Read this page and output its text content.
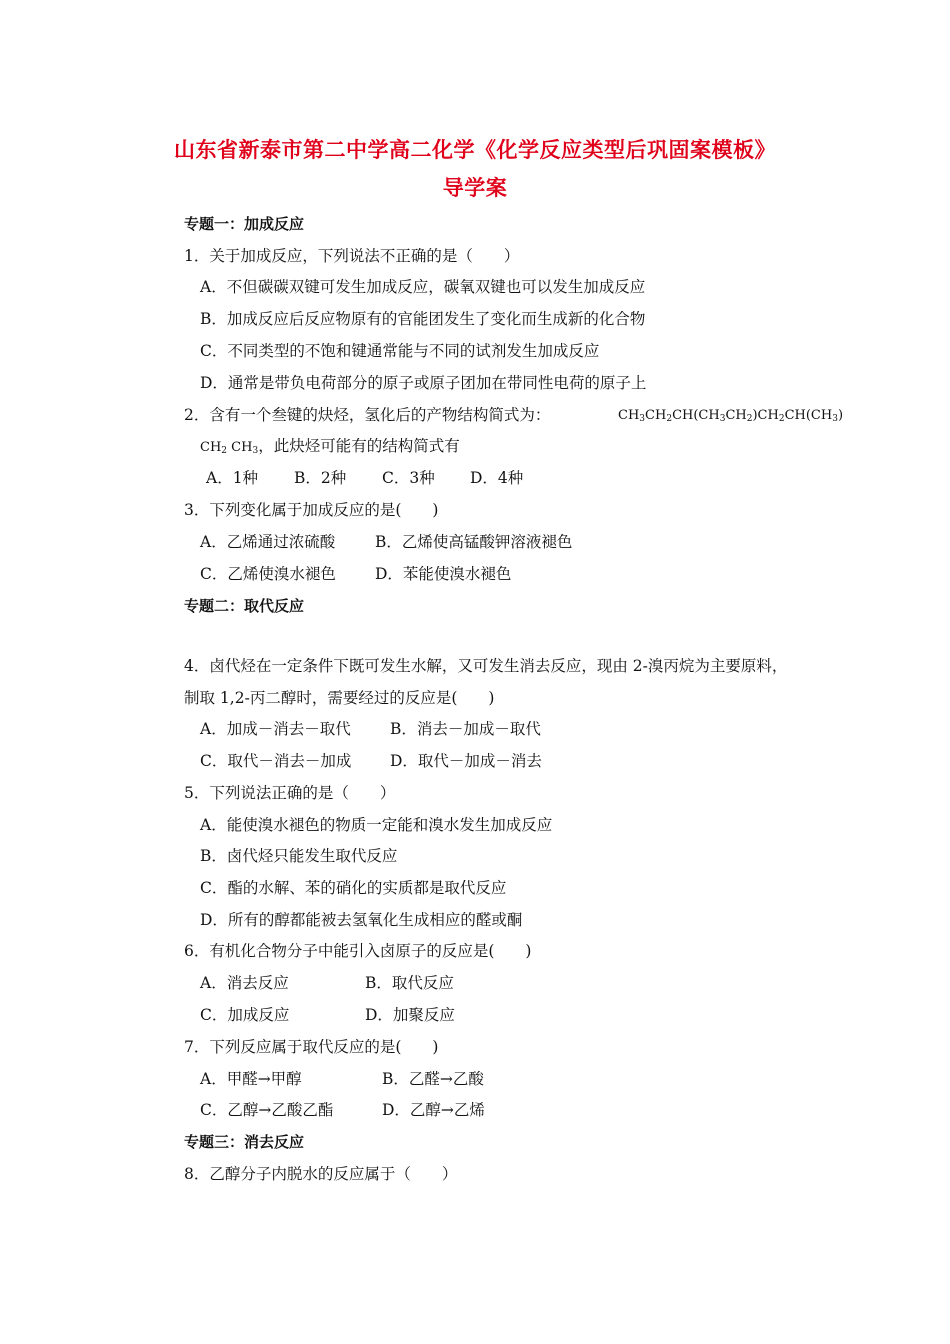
山东省新泰市第二中学高二化学《化学反应类型后巩固案模板》
导学案
专题一：加成反应
1．关于加成反应，下列说法不正确的是（　　）
A．不但碳碳双键可发生加成反应，碳氧双键也可以发生加成反应
B．加成反应后反应物原有的官能团发生了变化而生成新的化合物
C．不同类型的不饱和键通常能与不同的试剂发生加成反应
D．通常是带负电荷部分的原子或原子团加在带同性电荷的原子上
2．含有一个叁键的炔烃，氢化后的产物结构简式为：	$CH_3CH_2CH(CH_3CH_2)CH_2CH(CH_3)$
$CH_2$ $CH_3$，此炔烃可能有的结构简式有
A．1种 B．2种 C．3种 D．4种
3．下列变化属于加成反应的是(　　)
A．乙烯通过浓硫酸	B．乙烯使高锰酸钾溶液褪色
C．乙烯使溴水褪色	D．苯能使溴水褪色
专题二：取代反应
4．卤代烃在一定条件下既可发生水解，又可发生消去反应，现由 2-溴丙烷为主要原料，
制取 1,2-丙二醇时，需要经过的反应是(　　)
A．加成－消去－取代	B．消去－加成－取代
C．取代－消去－加成 D．取代－加成－消去
5．下列说法正确的是（　　）
A．能使溴水褪色的物质一定能和溴水发生加成反应
B．卤代烃只能发生取代反应
C．酯的水解、苯的硝化的实质都是取代反应
D．所有的醇都能被去氢氧化生成相应的醛或酮
6．有机化合物分子中能引入卤原子的反应是(　　)
A．消去反应	B．取代反应
C．加成反应	D．加聚反应
7．下列反应属于取代反应的是(　　)
A．甲醛→甲醇	B．乙醛→乙酸
C．乙醇→乙酸乙酯	D．乙醇→乙烯
专题三：消去反应
8．乙醇分子内脱水的反应属于（　　）
